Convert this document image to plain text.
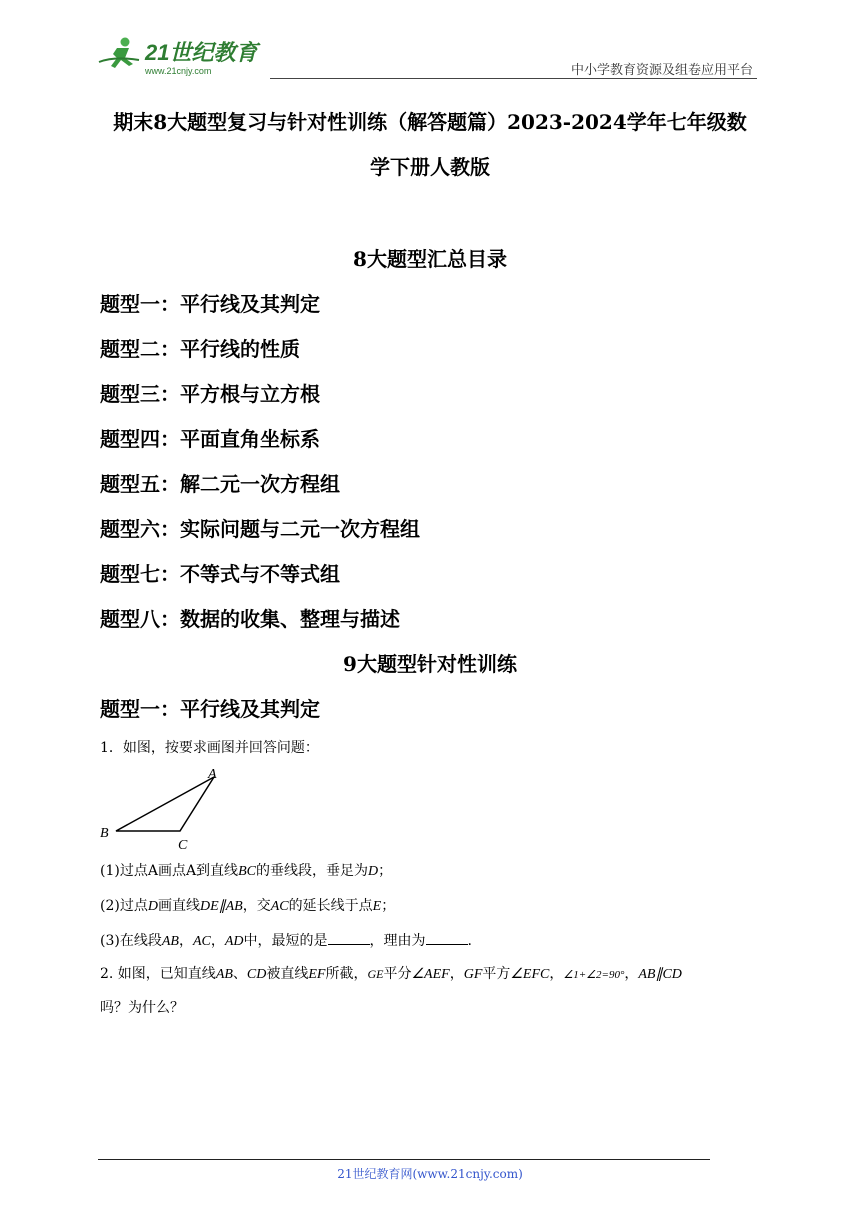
21世纪教育
www.21cnjy.com	中小学教育资源及组卷应用平台
期末8大题型复习与针对性训练（解答题篇）2023-2024学年七年级数
学下册人教版
8大题型汇总目录
题型一：平行线及其判定
题型二：平行线的性质
题型三：平方根与立方根
题型四：平面直角坐标系
题型五：解二元一次方程组
题型六：实际问题与二元一次方程组
题型七：不等式与不等式组
题型八：数据的收集、整理与描述
9大题型针对性训练
题型一：平行线及其判定
1．如图，按要求画图并回答问题：
A
B
C
(1)过点A画点A到直线BC的垂线段，垂足为D；
(2)过点D画直线DE∥AB，交AC的延长线于点E；
(3)在线段AB，AC，AD中，最短的是	，理由为	.
2. 如图，已知直线AB、CD被直线EF所截，GE平分∠AEF，GF平方∠EFC，∠1+∠2=90°，AB∥CD
吗？为什么？
21世纪教育网(www.21cnjy.com)
